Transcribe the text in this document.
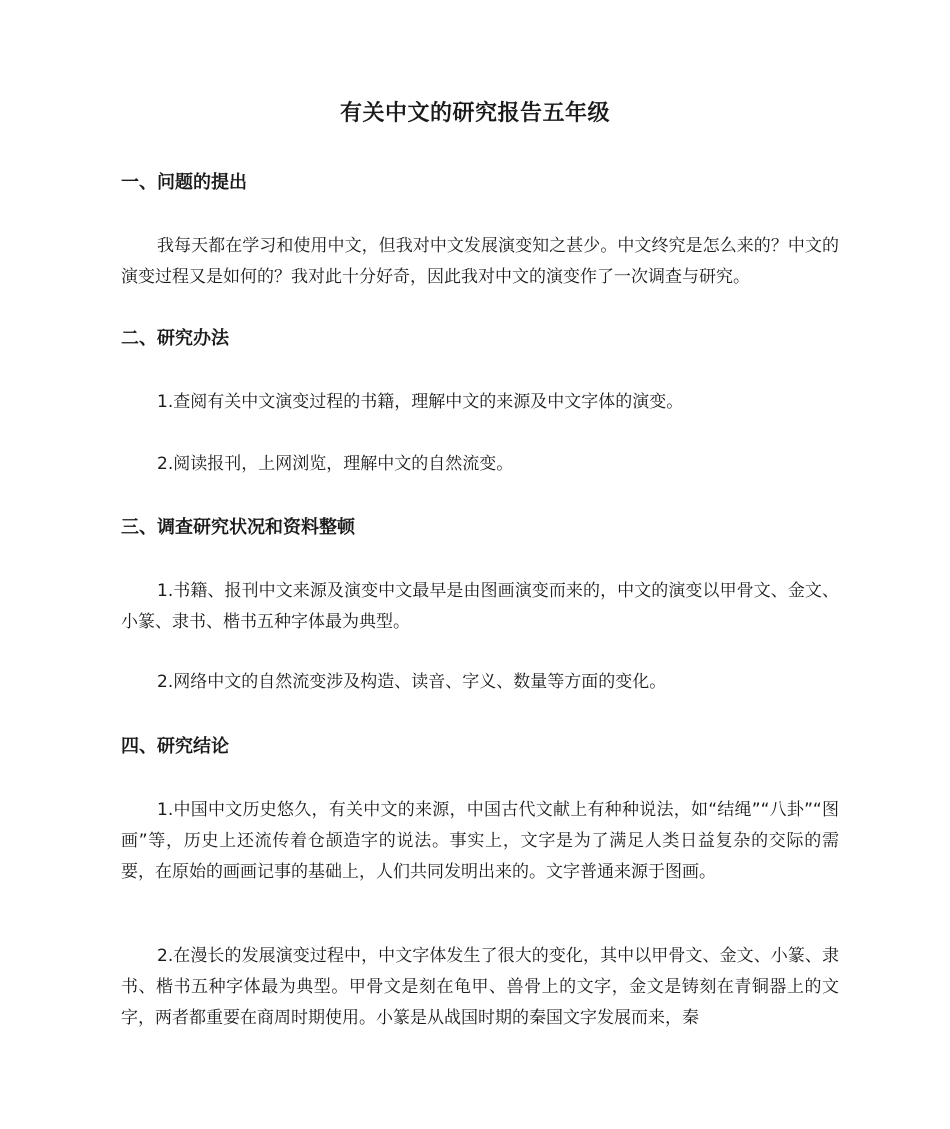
有关中文的研究报告五年级
一、问题的提出

我每天都在学习和使用中文，但我对中文发展演变知之甚少。中文终究是怎么来的？中文的演变过程又是如何的？我对此十分好奇，因此我对中文的演变作了一次调查与研究。

二、研究办法

1.查阅有关中文演变过程的书籍，理解中文的来源及中文字体的演变。

2.阅读报刊，上网浏览，理解中文的自然流变。

三、调查研究状况和资料整顿

1.书籍、报刊中文来源及演变中文最早是由图画演变而来的，中文的演变以甲骨文、金文、小篆、隶书、楷书五种字体最为典型。

2.网络中文的自然流变涉及构造、读音、字义、数量等方面的变化。

四、研究结论

1.中国中文历史悠久，有关中文的来源，中国古代文献上有种种说法，如“结绳”“八卦”“图画”等，历史上还流传着仓颉造字的说法。事实上，文字是为了满足人类日益复杂的交际的需要，在原始的画画记事的基础上，人们共同发明出来的。文字普通来源于图画。

2.在漫长的发展演变过程中，中文字体发生了很大的变化，其中以甲骨文、金文、小篆、隶书、楷书五种字体最为典型。甲骨文是刻在龟甲、兽骨上的文字，金文是铸刻在青铜器上的文字，两者都重要在商周时期使用。小篆是从战国时期的秦国文字发展而来，秦
